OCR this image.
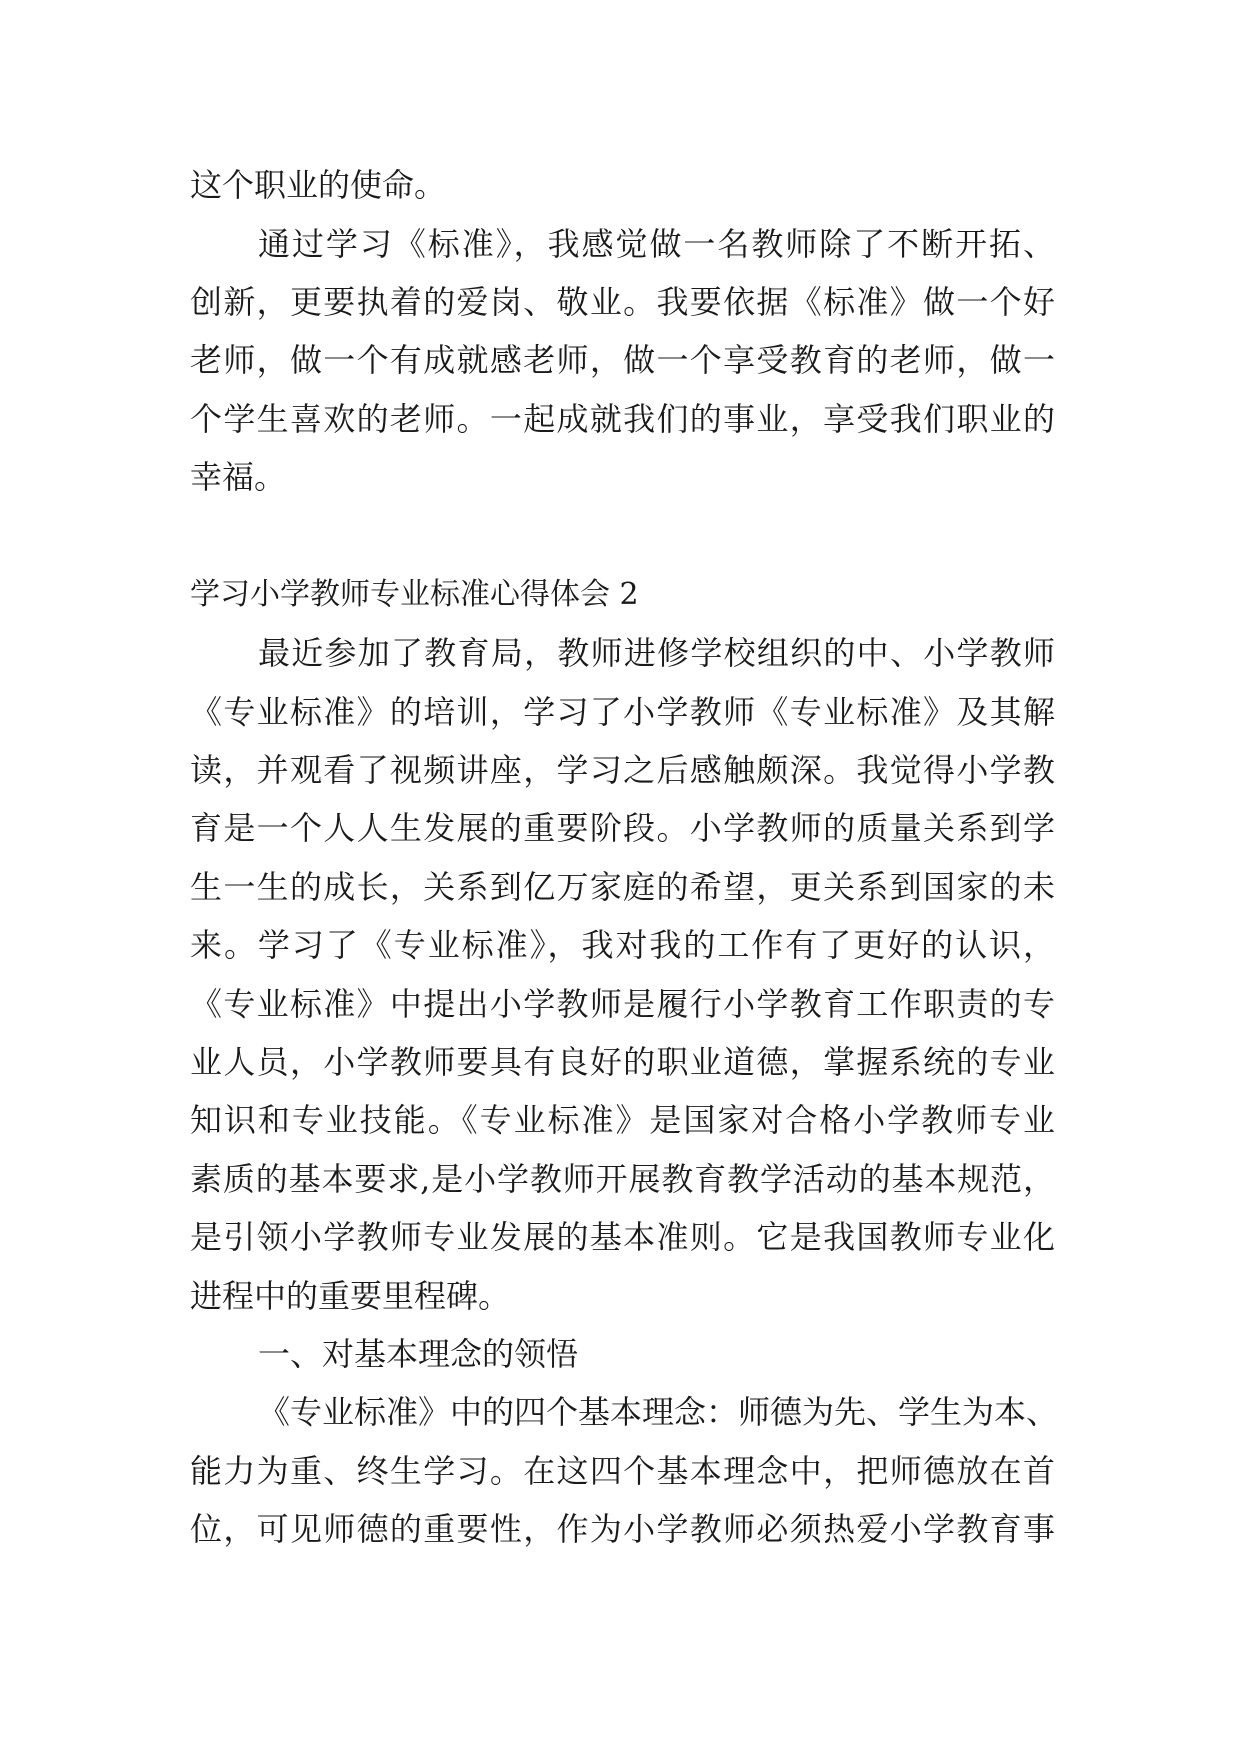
这个职业的使命。
通过学习《标准》，我感觉做一名教师除了不断开拓、
创新，更要执着的爱岗、敬业。我要依据《标准》做一个好
老师，做一个有成就感老师，做一个享受教育的老师，做一
个学生喜欢的老师。一起成就我们的事业，享受我们职业的
幸福。
学习小学教师专业标准心得体会 2
最近参加了教育局，教师进修学校组织的中、小学教师
《专业标准》的培训，学习了小学教师《专业标准》及其解
读，并观看了视频讲座，学习之后感触颇深。我觉得小学教
育是一个人人生发展的重要阶段。小学教师的质量关系到学
生一生的成长，关系到亿万家庭的希望，更关系到国家的未
来。学习了《专业标准》，我对我的工作有了更好的认识，
《专业标准》中提出小学教师是履行小学教育工作职责的专
业人员，小学教师要具有良好的职业道德，掌握系统的专业
知识和专业技能。《专业标准》是国家对合格小学教师专业
素质的基本要求,是小学教师开展教育教学活动的基本规范，
是引领小学教师专业发展的基本准则。它是我国教师专业化
进程中的重要里程碑。
一、对基本理念的领悟
《专业标准》中的四个基本理念：师德为先、学生为本、
能力为重、终生学习。在这四个基本理念中，把师德放在首
位，可见师德的重要性，作为小学教师必须热爱小学教育事
